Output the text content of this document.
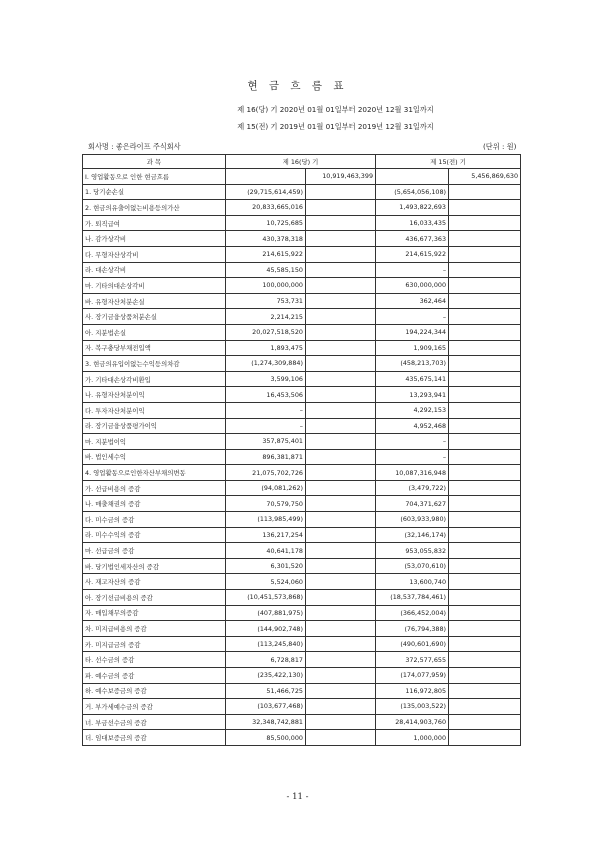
현 금 흐 름 표
제 16(당) 기 2020년 01월 01일부터 2020년 12월 31일까지
제 15(전) 기 2019년 01월 01일부터 2019년 12월 31일까지
회사명 : 좋은라이프 주식회사	(단위 : 원)
과 목	제 16(당) 기		제 15(전) 기	
I. 영업활동으로 인한 현금흐름		10,919,463,399		5,456,869,630
1. 당기순손실	(29,715,614,459)		(5,654,056,108)	
2. 현금의유출이없는비용등의가산	20,833,665,016		1,493,822,693	
가. 퇴직급여	10,725,685		16,033,435	
나. 감가상각비	430,378,318		436,677,363	
다. 무형자산상각비	214,615,922		214,615,922	
라. 대손상각비	45,585,150		–	
마. 기타의대손상각비	100,000,000		630,000,000	
바. 유형자산처분손실	753,731		362,464	
사. 장기금융상품처분손실	2,214,215		–	
아. 지분법손실	20,027,518,520		194,224,344	
자. 복구충당부채전입액	1,893,475		1,909,165	
3. 현금의유입이없는수익등의차감	(1,274,309,884)		(458,213,703)	
가. 기타대손상각비환입	3,599,106		435,675,141	
나. 유형자산처분이익	16,453,506		13,293,941	
다. 투자자산처분이익	–		4,292,153	
라. 장기금융상품평가이익	–		4,952,468	
마. 지분법이익	357,875,401		–	
바. 법인세수익	896,381,871		–	
4. 영업활동으로인한자산부채의변동	21,075,702,726		10,087,316,948	
가. 선급비용의 증감	(94,081,262)		(3,479,722)	
나. 매출채권의 증감	70,579,750		704,371,627	
다. 미수금의 증감	(113,985,499)		(603,933,980)	
라. 미수수익의 증감	136,217,254		(32,146,174)	
마. 선급금의 증감	40,641,178		953,055,832	
바. 당기법인세자산의 증감	6,301,520		(53,070,610)	
사. 재고자산의 증감	5,524,060		13,600,740	
아. 장기선급비용의 증감	(10,451,573,868)		(18,537,784,461)	
자. 매입채무의증감	(407,881,975)		(366,452,004)	
차. 미지급비용의 증감	(144,902,748)		(76,794,388)	
카. 미지급금의 증감	(113,245,840)		(490,601,690)	
타. 선수금의 증감	6,728,817		372,577,655	
파. 예수금의 증감	(235,422,130)		(174,077,959)	
하. 예수보증금의 증감	51,466,725		116,972,805	
거. 부가세예수금의 증감	(103,677,468)		(135,003,522)	
너. 부금선수금의 증감	32,348,742,881		28,414,903,760	
더. 임대보증금의 증감	85,500,000		1,000,000	
- 11 -
